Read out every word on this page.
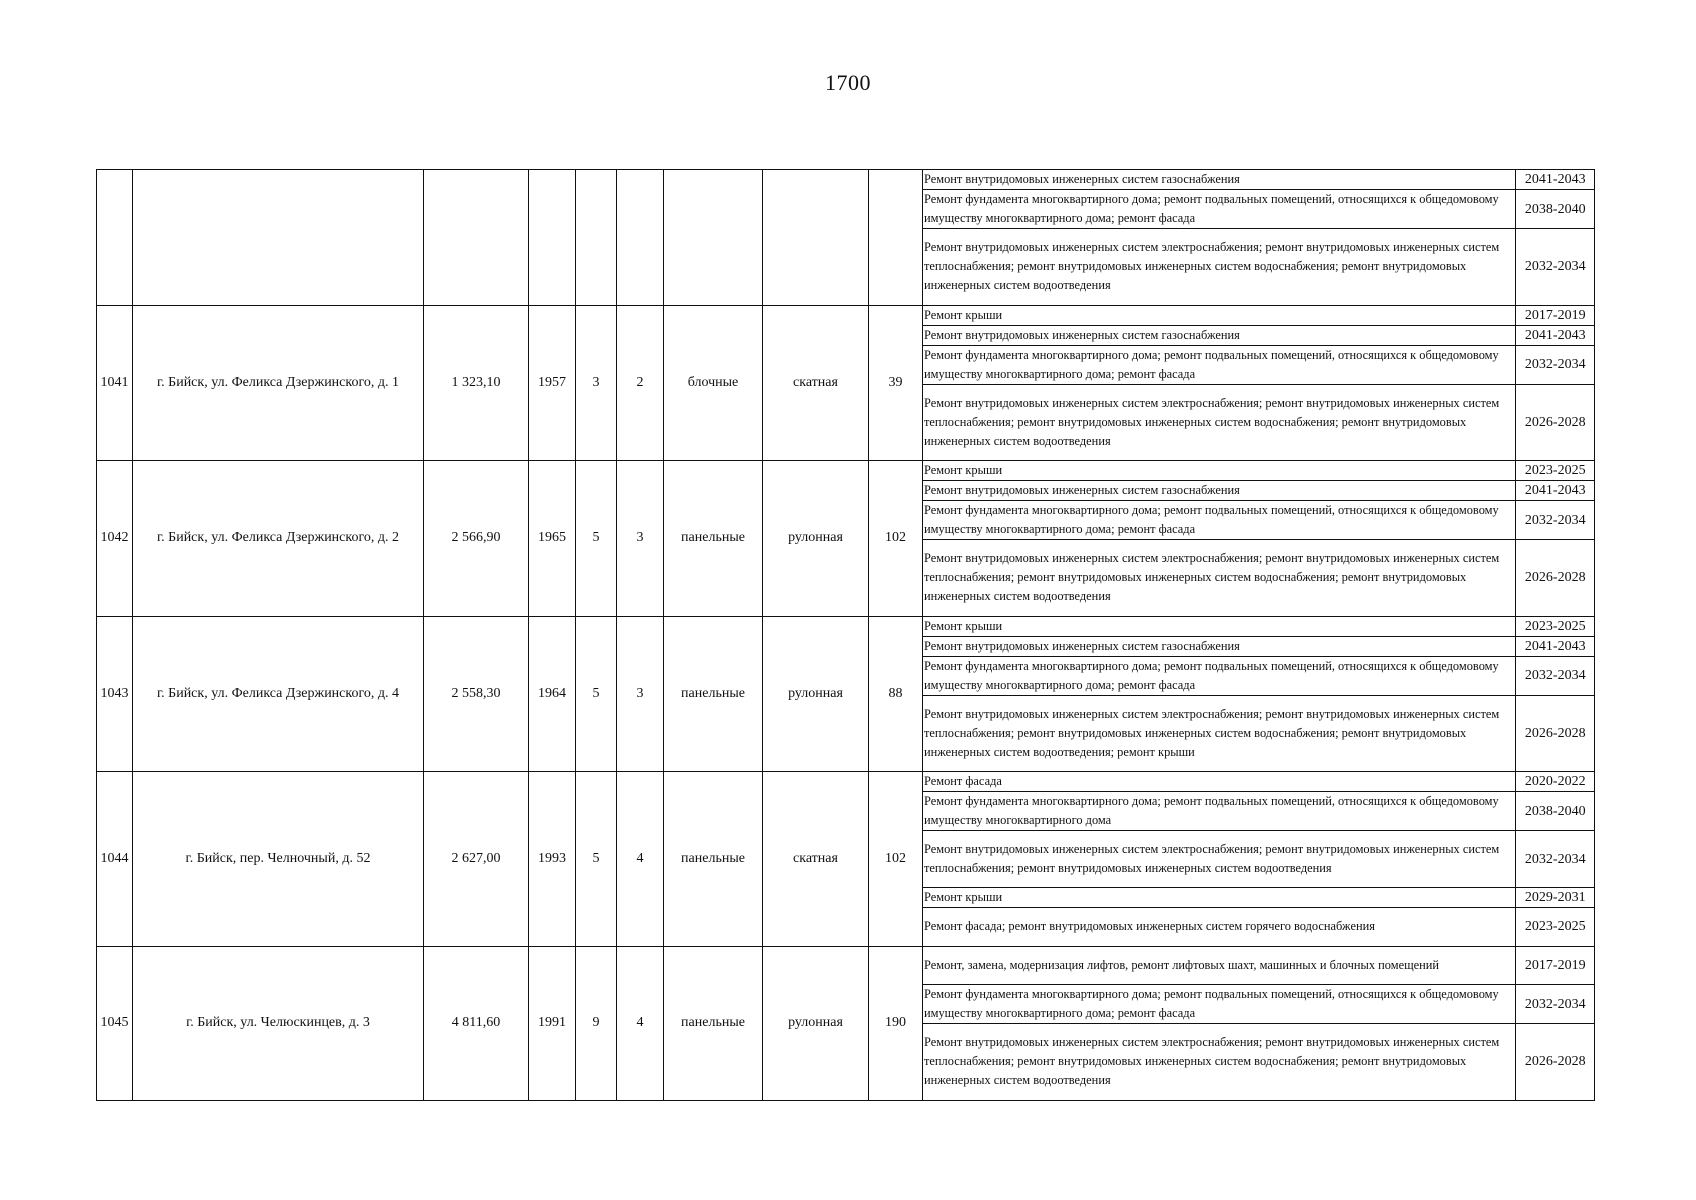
1700

Ремонт внутридомовых инженерных систем газоснабжения	2041-2043
Ремонт фундамента многоквартирного дома; ремонт подвальных помещений, относящихся к общедомовому имуществу многоквартирного дома; ремонт фасада	2038-2040
Ремонт внутридомовых инженерных систем электроснабжения; ремонт внутридомовых инженерных систем теплоснабжения; ремонт внутридомовых инженерных систем водоснабжения; ремонт внутридомовых инженерных систем водоотведения	2032-2034

1041	г. Бийск, ул. Феликса Дзержинского, д. 1	1 323,10	1957	3	2	блочные	скатная	39	
Ремонт крыши	2017-2019
Ремонт внутридомовых инженерных систем газоснабжения	2041-2043
Ремонт фундамента многоквартирного дома; ремонт подвальных помещений, относящихся к общедомовому имуществу многоквартирного дома; ремонт фасада	2032-2034
Ремонт внутридомовых инженерных систем электроснабжения; ремонт внутридомовых инженерных систем теплоснабжения; ремонт внутридомовых инженерных систем водоснабжения; ремонт внутридомовых инженерных систем водоотведения	2026-2028

1042	г. Бийск, ул. Феликса Дзержинского, д. 2	2 566,90	1965	5	3	панельные	рулонная	102	
Ремонт крыши	2023-2025
Ремонт внутридомовых инженерных систем газоснабжения	2041-2043
Ремонт фундамента многоквартирного дома; ремонт подвальных помещений, относящихся к общедомовому имуществу многоквартирного дома; ремонт фасада	2032-2034
Ремонт внутридомовых инженерных систем электроснабжения; ремонт внутридомовых инженерных систем теплоснабжения; ремонт внутридомовых инженерных систем водоснабжения; ремонт внутридомовых инженерных систем водоотведения	2026-2028

1043	г. Бийск, ул. Феликса Дзержинского, д. 4	2 558,30	1964	5	3	панельные	рулонная	88	
Ремонт крыши	2023-2025
Ремонт внутридомовых инженерных систем газоснабжения	2041-2043
Ремонт фундамента многоквартирного дома; ремонт подвальных помещений, относящихся к общедомовому имуществу многоквартирного дома; ремонт фасада	2032-2034
Ремонт внутридомовых инженерных систем электроснабжения; ремонт внутридомовых инженерных систем теплоснабжения; ремонт внутридомовых инженерных систем водоснабжения; ремонт внутридомовых инженерных систем водоотведения; ремонт крыши	2026-2028

1044	г. Бийск, пер. Челночный, д. 52	2 627,00	1993	5	4	панельные	скатная	102	
Ремонт фасада	2020-2022
Ремонт фундамента многоквартирного дома; ремонт подвальных помещений, относящихся к общедомовому имуществу многоквартирного дома	2038-2040
Ремонт внутридомовых инженерных систем электроснабжения; ремонт внутридомовых инженерных систем теплоснабжения; ремонт внутридомовых инженерных систем водоотведения	2032-2034
Ремонт крыши	2029-2031
Ремонт фасада; ремонт внутридомовых инженерных систем горячего водоснабжения	2023-2025

1045	г. Бийск, ул. Челюскинцев, д. 3	4 811,60	1991	9	4	панельные	рулонная	190	
Ремонт, замена, модернизация лифтов, ремонт лифтовых шахт, машинных и блочных помещений	2017-2019
Ремонт фундамента многоквартирного дома; ремонт подвальных помещений, относящихся к общедомовому имуществу многоквартирного дома; ремонт фасада	2032-2034
Ремонт внутридомовых инженерных систем электроснабжения; ремонт внутридомовых инженерных систем теплоснабжения; ремонт внутридомовых инженерных систем водоснабжения; ремонт внутридомовых инженерных систем водоотведения	2026-2028
